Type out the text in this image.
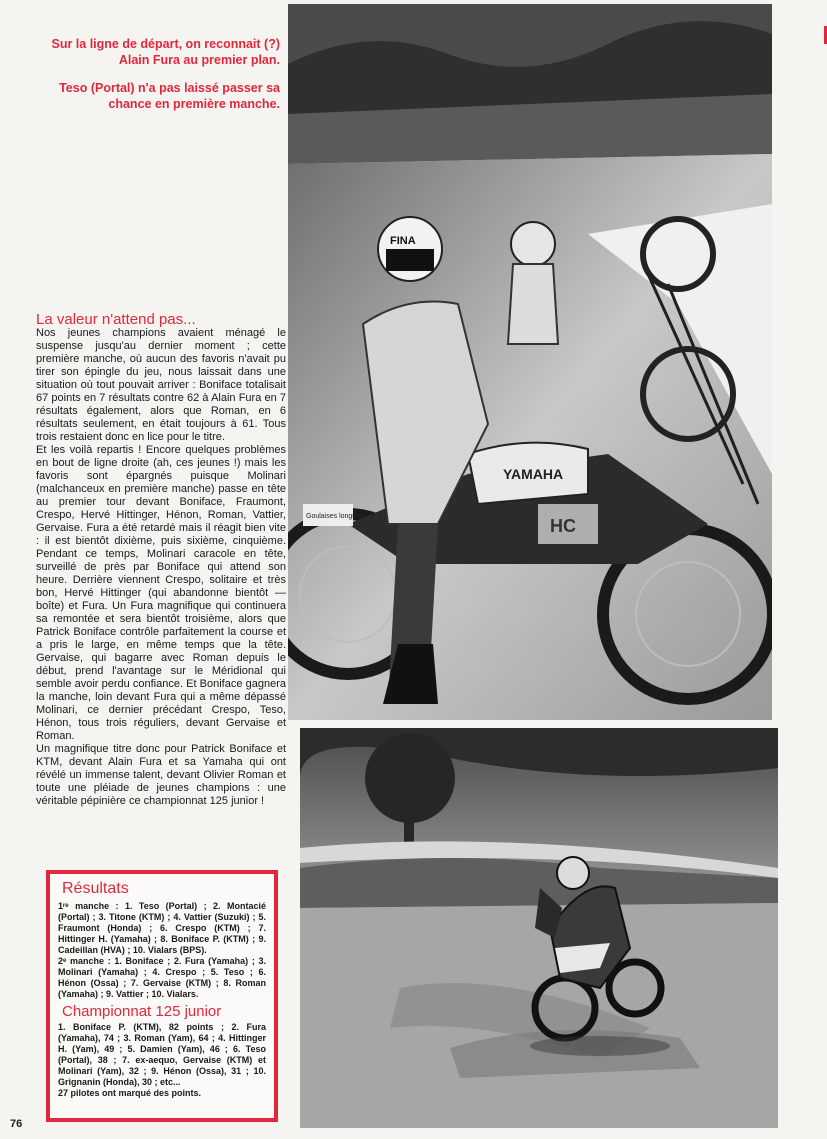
Sur la ligne de départ, on reconnait (?) Alain Fura au premier plan.

Teso (Portal) n'a pas laissé passer sa chance en première manche.

La valeur n'attend pas...

Nos jeunes champions avaient ménagé le suspense jusqu'au dernier moment ; cette première manche, où aucun des favoris n'avait pu tirer son épingle du jeu, nous laissait dans une situation où tout pouvait arriver : Boniface totalisait 67 points en 7 résultats contre 62 à Alain Fura en 7 résultats également, alors que Roman, en 6 résultats seulement, en était toujours à 61. Tous trois restaient donc en lice pour le titre.

Et les voilà repartis ! Encore quelques problèmes en bout de ligne droite (ah, ces jeunes !) mais les favoris sont épargnés puisque Molinari (malchanceux en première manche) passe en tête au premier tour devant Boniface, Fraumont, Crespo, Hervé Hittinger, Hénon, Roman, Vattier, Gervaise. Fura a été retardé mais il réagit bien vite : il est bientôt dixième, puis sixième, cinquième. Pendant ce temps, Molinari caracole en tête, surveillé de près par Boniface qui attend son heure. Derrière viennent Crespo, solitaire et très bon, Hervé Hittinger (qui abandonne bientôt — boîte) et Fura. Un Fura magnifique qui continuera sa remontée et sera bientôt troisième, alors que Patrick Boniface contrôle parfaitement la course et a pris le large, en même temps que la tête. Gervaise, qui bagarre avec Roman depuis le début, prend l'avantage sur le Méridional qui semble avoir perdu confiance. Et Boniface gagnera la manche, loin devant Fura qui a même dépassé Molinari, ce dernier précédant Crespo, Teso, Hénon, tous trois réguliers, devant Gervaise et Roman.

Un magnifique titre donc pour Patrick Boniface et KTM, devant Alain Fura et sa Yamaha qui ont révélé un immense talent, devant Olivier Roman et toute une pléiade de jeunes champions : une véritable pépinière ce championnat 125 junior !

Résultats

1ʳᵉ manche : 1. Teso (Portal) ; 2. Montacié (Portal) ; 3. Titone (KTM) ; 4. Vattier (Suzuki) ; 5. Fraumont (Honda) ; 6. Crespo (KTM) ; 7. Hittinger H. (Yamaha) ; 8. Boniface P. (KTM) ; 9. Cadeillan (HVA) ; 10. Vialars (BPS).

2ᵉ manche : 1. Boniface ; 2. Fura (Yamaha) ; 3. Molinari (Yamaha) ; 4. Crespo ; 5. Teso ; 6. Hénon (Ossa) ; 7. Gervaise (KTM) ; 8. Roman (Yamaha) ; 9. Vattier ; 10. Vialars.

Championnat 125 junior

1. Boniface P. (KTM), 82 points ; 2. Fura (Yamaha), 74 ; 3. Roman (Yam), 64 ; 4. Hittinger H. (Yam), 49 ; 5. Damien (Yam), 46 ; 6. Teso (Portal), 38 ; 7. ex-aequo, Gervaise (KTM) et Molinari (Yam), 32 ; 9. Hénon (Ossa), 31 ; 10. Grignanin (Honda), 30 ; etc...

27 pilotes ont marqué des points.

76
YAMAHA
Goulaises longues	HC
FINA
